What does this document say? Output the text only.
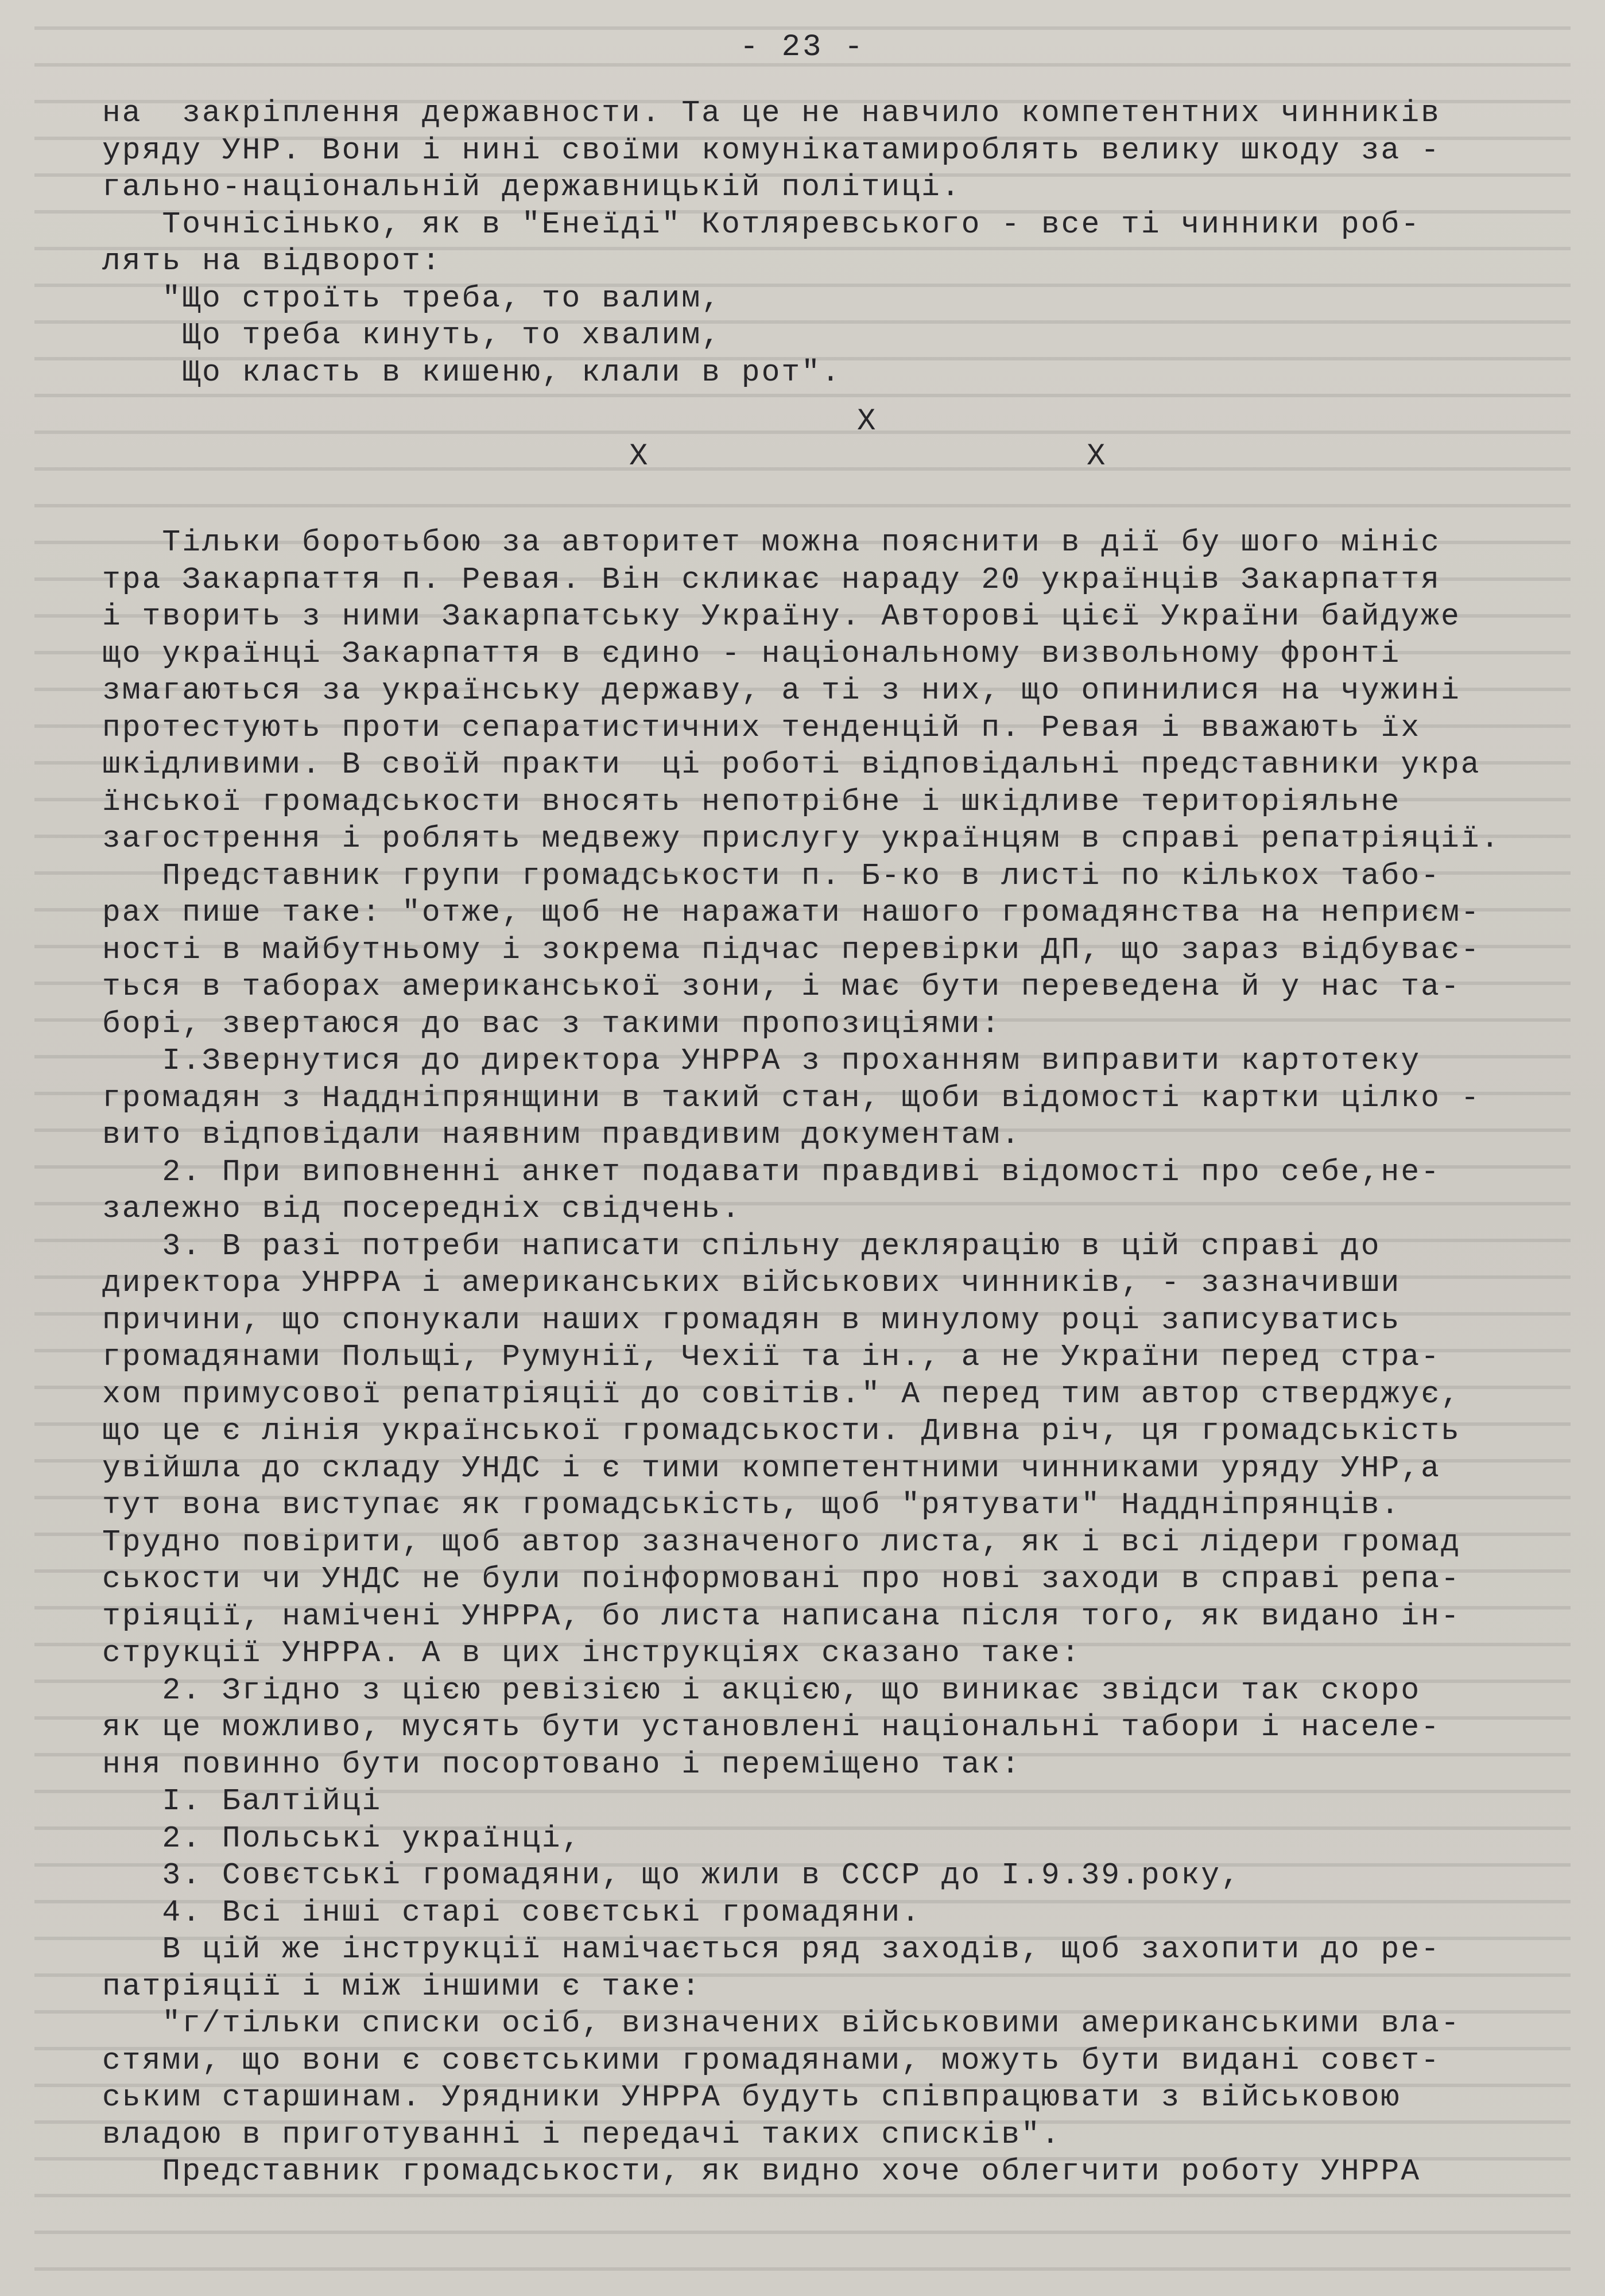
- 23 -
на  закріплення державности. Та це не навчило компетентних чинників
уряду УНР. Вони і нині своїми комунікатамироблять велику шкоду за -
гально-національній державницькій політиці.
Точнісінько, як в "Енеїді" Котляревського - все ті чинники роб-
лять на відворот:
"Що строїть треба, то валим,
Що треба кинуть, то хвалим,
Що класть в кишеню, клали в рот".
X
X	X
Тільки боротьбою за авторитет можна пояснити в дії бу шого мініс
тра Закарпаття п. Ревая. Він скликає нараду 20 українців Закарпаття
і творить з ними Закарпатську Україну. Авторові цієї України байдуже
що українці Закарпаття в єдино - національному визвольному фронті
змагаються за українську державу, а ті з них, що опинилися на чужині
протестують проти сепаратистичних тенденцій п. Ревая і вважають їх
шкідливими. В своїй практи  ці роботі відповідальні представники укра
їнської громадськости вносять непотрібне і шкідливе територіяльне
загострення і роблять медвежу прислугу українцям в справі репатріяції.
Представник групи громадськости п. Б-ко в листі по кількох табо-
рах пише таке: "отже, щоб не наражати нашого громадянства на неприєм-
ності в майбутньому і зокрема підчас перевірки ДП, що зараз відбуває-
ться в таборах американської зони, і має бути переведена й у нас та-
борі, звертаюся до вас з такими пропозиціями:
І.Звернутися до директора УНРРА з проханням виправити картотеку
громадян з Наддніпрянщини в такий стан, щоби відомості картки цілко -
вито відповідали наявним правдивим документам.
2. При виповненні анкет подавати правдиві відомості про себе,не-
залежно від посередніх свідчень.
3. В разі потреби написати спільну деклярацію в цій справі до
директора УНРРА і американських військових чинників, - зазначивши
причини, що спонукали наших громадян в минулому році записуватись
громадянами Польщі, Румунії, Чехії та ін., а не України перед стра-
хом примусової репатріяції до совітів." А перед тим автор стверджує,
що це є лінія української громадськости. Дивна річ, ця громадськість
увійшла до складу УНДС і є тими компетентними чинниками уряду УНР,а
тут вона виступає як громадськість, щоб "рятувати" Наддніпрянців.
Трудно повірити, щоб автор зазначеного листа, як і всі лідери громад
ськости чи УНДС не були поінформовані про нові заходи в справі репа-
тріяції, намічені УНРРА, бо листа написана після того, як видано ін-
струкції УНРРА. А в цих інструкціях сказано таке:
2. Згідно з цією ревізією і акцією, що виникає звідси так скоро
як це можливо, мусять бути установлені національні табори і населе-
ння повинно бути посортовано і переміщено так:
І. Балтійці
2. Польські українці,
3. Совєтські громадяни, що жили в СССР до І.9.39.року,
4. Всі інші старі совєтські громадяни.
В цій же інструкції намічається ряд заходів, щоб захопити до ре-
патріяції і між іншими є таке:
"г/тільки списки осіб, визначених військовими американськими вла-
стями, що вони є совєтськими громадянами, можуть бути видані совєт-
ським старшинам. Урядники УНРРА будуть співпрацювати з військовою
владою в приготуванні і передачі таких списків".
Представник громадськости, як видно хоче облегчити роботу УНРРА
